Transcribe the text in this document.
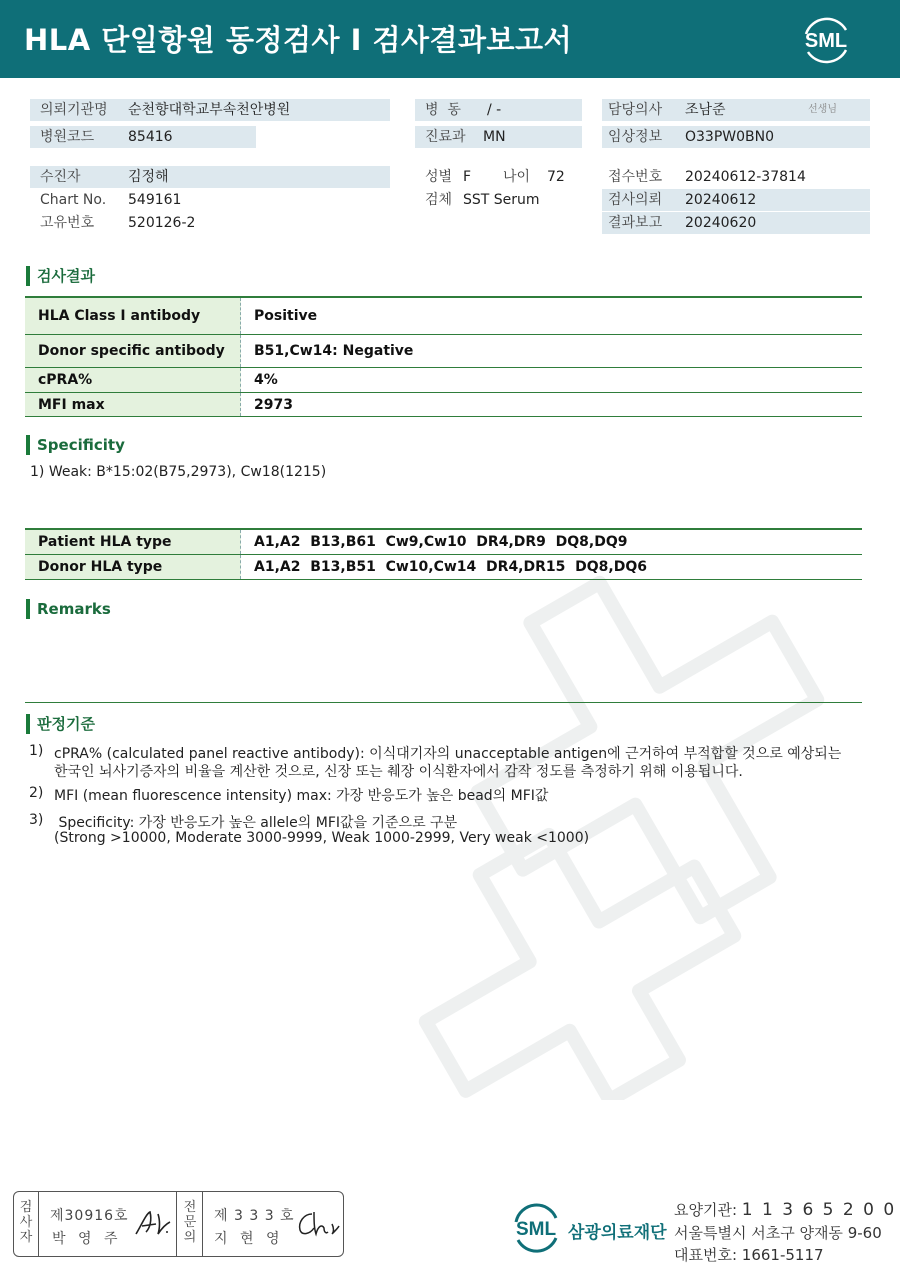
HLA 단일항원 동정검사 I 검사결과보고서	SML
의뢰기관명 순천향대학교부속천안병원
병원코드 85416
병  동 / -
진료과 MN
담당의사 조남준	선생님
임상정보 O33PW0BN0
수진자	김정해
Chart No. 549161
고유번호 520126-2
성별 F 나이 72
검체 SST Serum
접수번호 20240612-37814
검사의뢰 20240612
결과보고 20240620
검사결과
HLA Class I antibody	Positive
Donor specific antibody	B51,Cw14: Negative
cPRA%	4%
MFI max	2973
Specificity
1) Weak: B*15:02(B75,2973), Cw18(1215)
Patient HLA type	A1,A2  B13,B61  Cw9,Cw10  DR4,DR9  DQ8,DQ9
Donor HLA type	A1,A2  B13,B51  Cw10,Cw14  DR4,DR15  DQ8,DQ6
Remarks
판정기준
1) cPRA% (calculated panel reactive antibody): 이식대기자의 unacceptable antigen에 근거하여 부적합할 것으로 예상되는
한국인 뇌사기증자의 비율을 계산한 것으로, 신장 또는 췌장 이식환자에서 감작 정도를 측정하기 위해 이용됩니다.
2) MFI (mean fluorescence intensity) max: 가장 반응도가 높은 bead의 MFI값
3) Specificity: 가장 반응도가 높은 allele의 MFI값을 기준으로 구분
(Strong >10000, Moderate 3000-9999, Weak 1000-2999, Very weak <1000)
검
사
자
제30916호
박 영 주
전
문
의
제 3 3 3 호
지 현 영	SML 삼광의료재단
요양기관: 1 1 3 6 5 2 0 0
서울특별시 서초구 양재동 9-60
대표번호: 1661-5117
